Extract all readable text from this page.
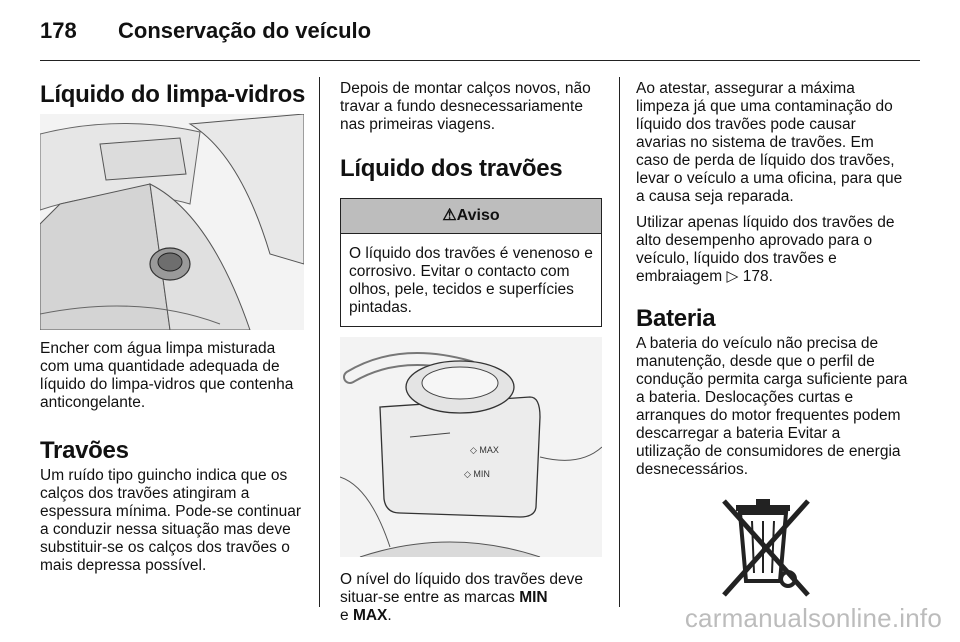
178 Conservação do veículo
Líquido do limpa-vidros

Encher com água limpa misturada com uma quantidade adequada de líquido do limpa-vidros que contenha anticongelante.

Travões

Um ruído tipo guincho indica que os calços dos travões atingiram a espessura mínima. Pode-se continuar a conduzir nessa situação mas deve substituir-se os calços dos travões o mais depressa possível.

Depois de montar calços novos, não travar a fundo desnecessariamente nas primeiras viagens.

Líquido dos travões
⚠Aviso
O líquido dos travões é venenoso e corrosivo. Evitar o contacto com olhos, pele, tecidos e superfícies pintadas.
◇ MAX
◇ MIN

O nível do líquido dos travões deve situar-se entre as marcas MIN
e MAX.

Ao atestar, assegurar a máxima limpeza já que uma contaminação do líquido dos travões pode causar avarias no sistema de travões. Em caso de perda de líquido dos travões, levar o veículo a uma oficina, para que a causa seja reparada.

Utilizar apenas líquido dos travões de alto desempenho aprovado para o veículo, líquido dos travões e embraiagem ▷ 178.

Bateria

A bateria do veículo não precisa de manutenção, desde que o perfil de condução permita carga suficiente para a bateria. Deslocações curtas e arranques do motor frequentes podem descarregar a bateria Evitar a utilização de consumidores de energia desnecessários.

carmanualsonline.info
